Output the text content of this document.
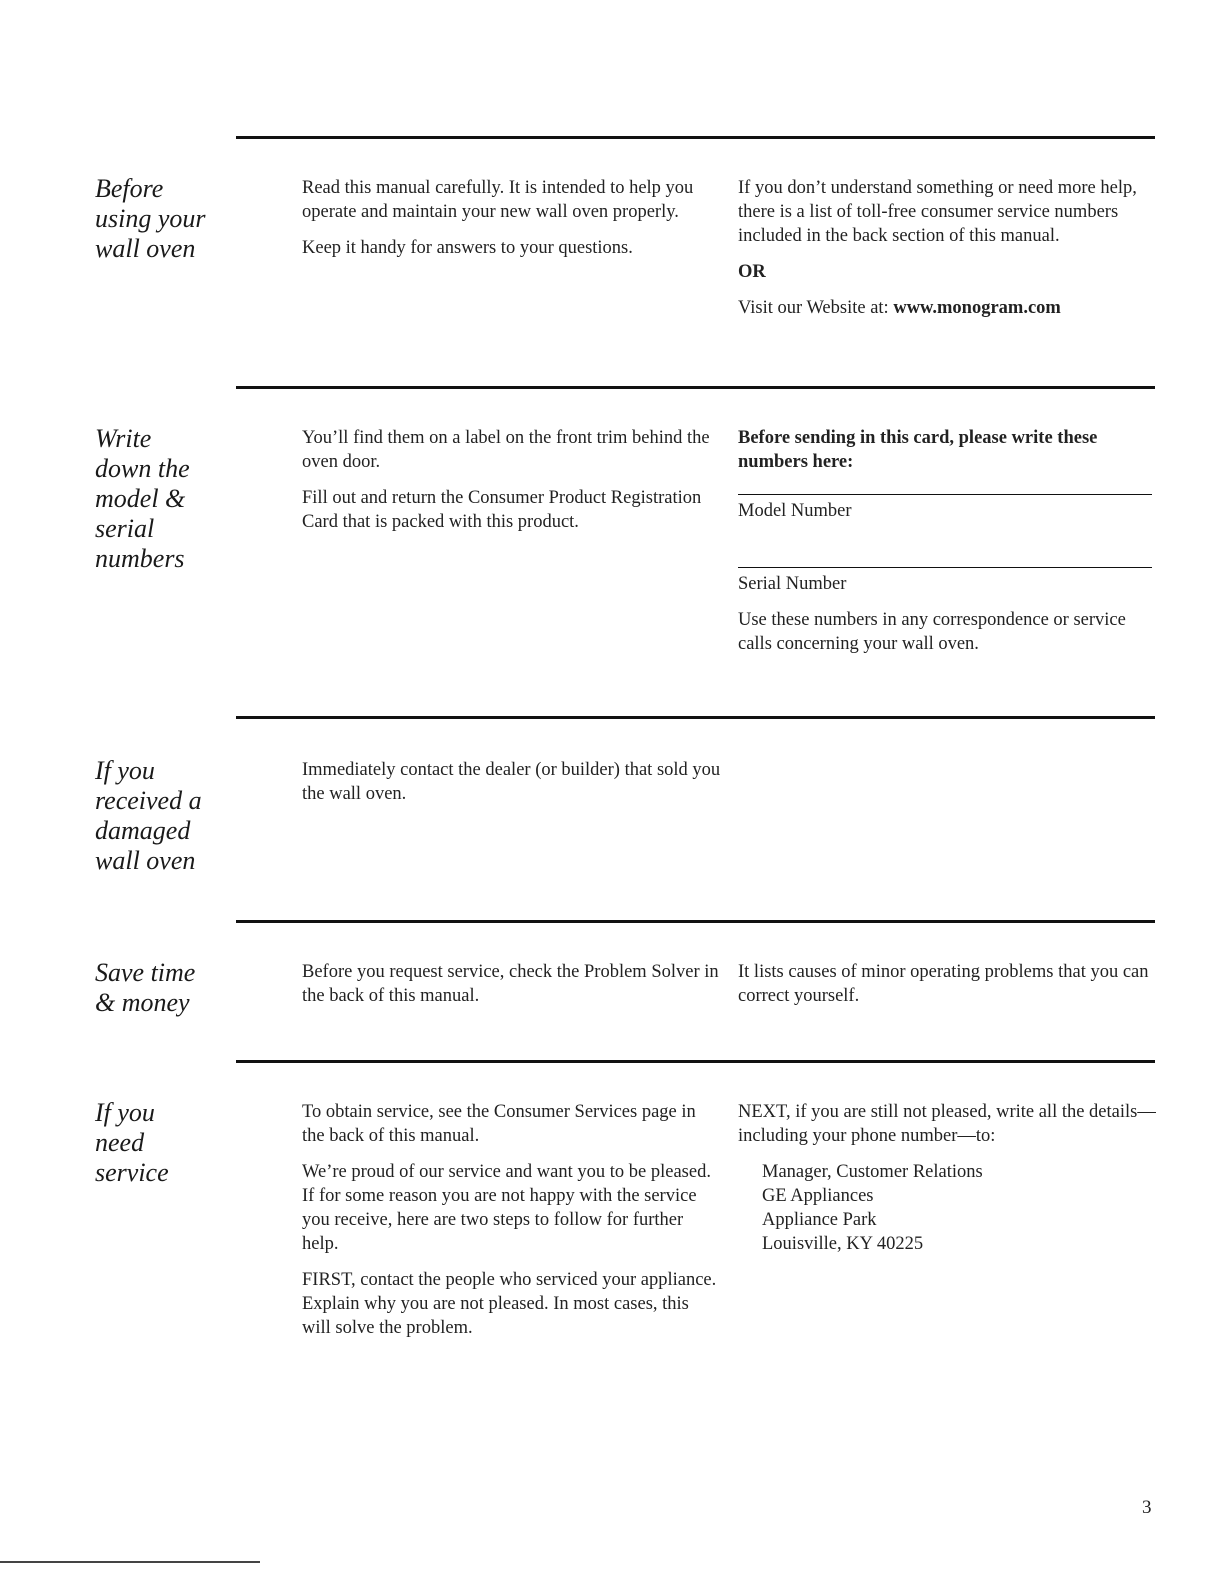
Before
using your
wall oven

Read this manual carefully. It is intended to help you operate and maintain your new wall oven properly.

Keep it handy for answers to your questions.

If you don’t understand something or need more help, there is a list of toll-free consumer service numbers included in the back section of this manual.

OR

Visit our Website at: www.monogram.com

Write
down the
model &
serial
numbers

You’ll find them on a label on the front trim behind the oven door.

Fill out and return the Consumer Product Registration Card that is packed with this product.

Before sending in this card, please write these numbers here:

Model Number
Serial Number

Use these numbers in any correspondence or service calls concerning your wall oven.

If you
received a
damaged
wall oven

Immediately contact the dealer (or builder) that sold you the wall oven.

Save time
& money

Before you request service, check the Problem Solver in the back of this manual.

It lists causes of minor operating problems that you can correct yourself.

If you
need
service

To obtain service, see the Consumer Services page in the back of this manual.

We’re proud of our service and want you to be pleased. If for some reason you are not happy with the service you receive, here are two steps to follow for further help.

FIRST, contact the people who serviced your appliance. Explain why you are not pleased. In most cases, this will solve the problem.

NEXT, if you are still not pleased, write all the details—including your phone number—to:

Manager, Customer Relations
GE Appliances
Appliance Park
Louisville, KY 40225
3
